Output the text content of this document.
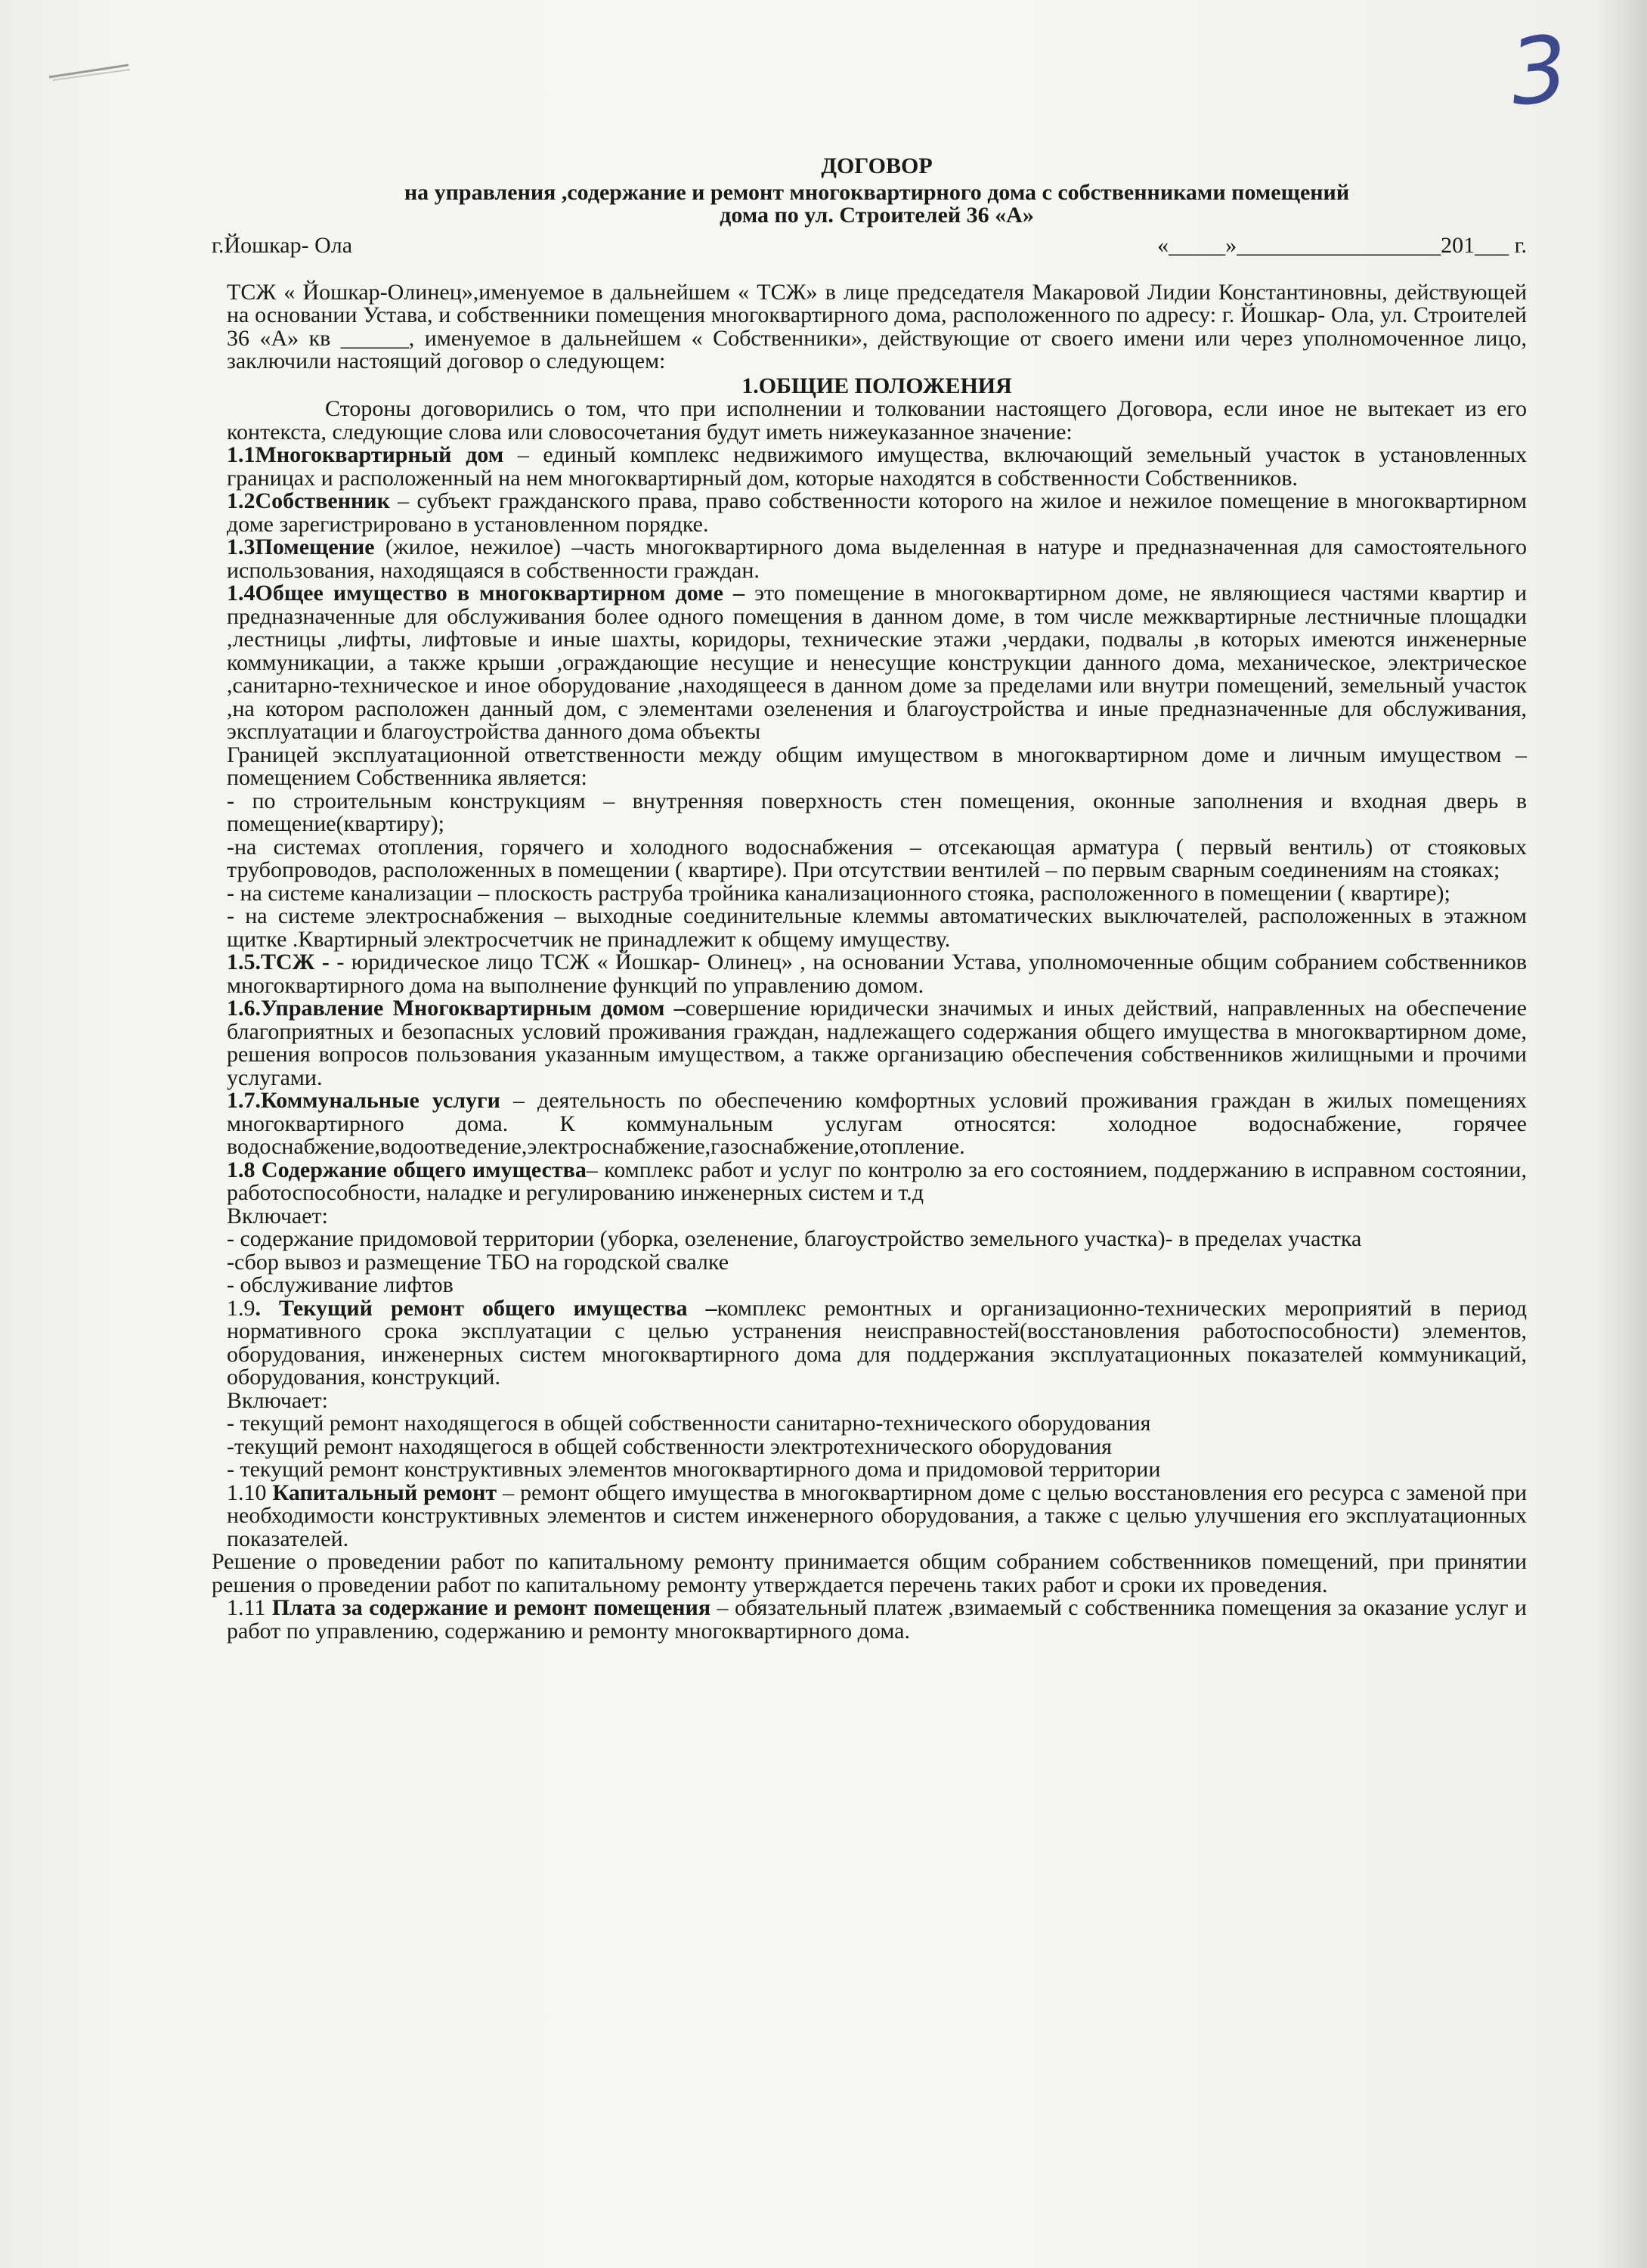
3

ДОГОВОР

на управления ,содержание и ремонт многоквартирного дома с собственниками помещений

дома по ул. Строителей 36 «А»

г.Йошкар- Ола	«_____»__________________201___ г.

ТСЖ « Йошкар-Олинец»,именуемое в дальнейшем « ТСЖ» в лице председателя Макаровой Лидии Константиновны, действующей на основании Устава, и собственники помещения многоквартирного дома, расположенного по адресу: г. Йошкар- Ола, ул. Строителей 36 «А» кв ______, именуемое в дальнейшем « Собственники», действующие от своего имени или через уполномоченное лицо, заключили настоящий договор о следующем:

1.ОБЩИЕ ПОЛОЖЕНИЯ

Стороны договорились о том, что при исполнении и толковании настоящего Договора, если иное не вытекает из его контекста, следующие слова или словосочетания будут иметь нижеуказанное значение:

1.1Многоквартирный дом – единый комплекс недвижимого имущества, включающий земельный участок в установленных границах и расположенный на нем многоквартирный дом, которые находятся в собственности Собственников.

1.2Собственник – субъект гражданского права, право собственности которого на жилое и нежилое помещение в многоквартирном доме зарегистрировано в установленном порядке.

1.3Помещение (жилое, нежилое) –часть многоквартирного дома выделенная в натуре и предназначенная для самостоятельного использования, находящаяся в собственности граждан.

1.4Общее имущество в многоквартирном доме – это помещение в многоквартирном доме, не являющиеся частями квартир и предназначенные для обслуживания более одного помещения в данном доме, в том числе межквартирные лестничные площадки ,лестницы ,лифты, лифтовые и иные шахты, коридоры, технические этажи ,чердаки, подвалы ,в которых имеются инженерные коммуникации, а также крыши ,ограждающие несущие и ненесущие конструкции данного дома, механическое, электрическое ,санитарно-техническое и иное оборудование ,находящееся в данном доме за пределами или внутри помещений, земельный участок ,на котором расположен данный дом, с элементами озеленения и благоустройства и иные предназначенные для обслуживания, эксплуатации и благоустройства данного дома объекты

Границей эксплуатационной ответственности между общим имуществом в многоквартирном доме и личным имуществом – помещением Собственника является:

- по строительным конструкциям – внутренняя поверхность стен помещения, оконные заполнения и входная дверь в помещение(квартиру);

-на системах отопления, горячего и холодного водоснабжения – отсекающая арматура ( первый вентиль) от стояковых трубопроводов, расположенных в помещении ( квартире). При отсутствии вентилей – по первым сварным соединениям на стояках;

- на системе канализации – плоскость раструба тройника канализационного стояка, расположенного в помещении ( квартире);

- на системе электроснабжения – выходные соединительные клеммы автоматических выключателей, расположенных в этажном щитке .Квартирный электросчетчик не принадлежит к общему имуществу.

1.5.ТСЖ - - юридическое лицо ТСЖ « Йошкар- Олинец» , на основании Устава, уполномоченные общим собранием собственников многоквартирного дома на выполнение функций по управлению домом.

1.6.Управление Многоквартирным домом –совершение юридически значимых и иных действий, направленных на обеспечение благоприятных и безопасных условий проживания граждан, надлежащего содержания общего имущества в многоквартирном доме, решения вопросов пользования указанным имуществом, а также организацию обеспечения собственников жилищными и прочими услугами.

1.7.Коммунальные услуги – деятельность по обеспечению комфортных условий проживания граждан в жилых помещениях многоквартирного дома. К коммунальным услугам относятся: холодное водоснабжение, горячее водоснабжение,водоотведение,электроснабжение,газоснабжение,отопление.

1.8 Содержание общего имущества– комплекс работ и услуг по контролю за его состоянием, поддержанию в исправном состоянии, работоспособности, наладке и регулированию инженерных систем и т.д

Включает:

- содержание придомовой территории (уборка, озеленение, благоустройство земельного участка)- в пределах участка

-сбор вывоз и размещение ТБО на городской свалке

- обслуживание лифтов

1.9. Текущий ремонт общего имущества –комплекс ремонтных и организационно-технических мероприятий в период нормативного срока эксплуатации с целью устранения неисправностей(восстановления работоспособности) элементов, оборудования, инженерных систем многоквартирного дома для поддержания эксплуатационных показателей коммуникаций, оборудования, конструкций.

Включает:

- текущий ремонт находящегося в общей собственности санитарно-технического оборудования

-текущий ремонт находящегося в общей собственности электротехнического оборудования

- текущий ремонт конструктивных элементов многоквартирного дома и придомовой территории

1.10 Капитальный ремонт – ремонт общего имущества в многоквартирном доме с целью восстановления его ресурса с заменой при необходимости конструктивных элементов и систем инженерного оборудования, а также с целью улучшения его эксплуатационных показателей.

Решение о проведении работ по капитальному ремонту принимается общим собранием собственников помещений, при принятии решения о проведении работ по капитальному ремонту утверждается перечень таких работ и сроки их проведения.

1.11 Плата за содержание и ремонт помещения – обязательный платеж ,взимаемый с собственника помещения за оказание услуг и работ по управлению, содержанию и ремонту многоквартирного дома.
